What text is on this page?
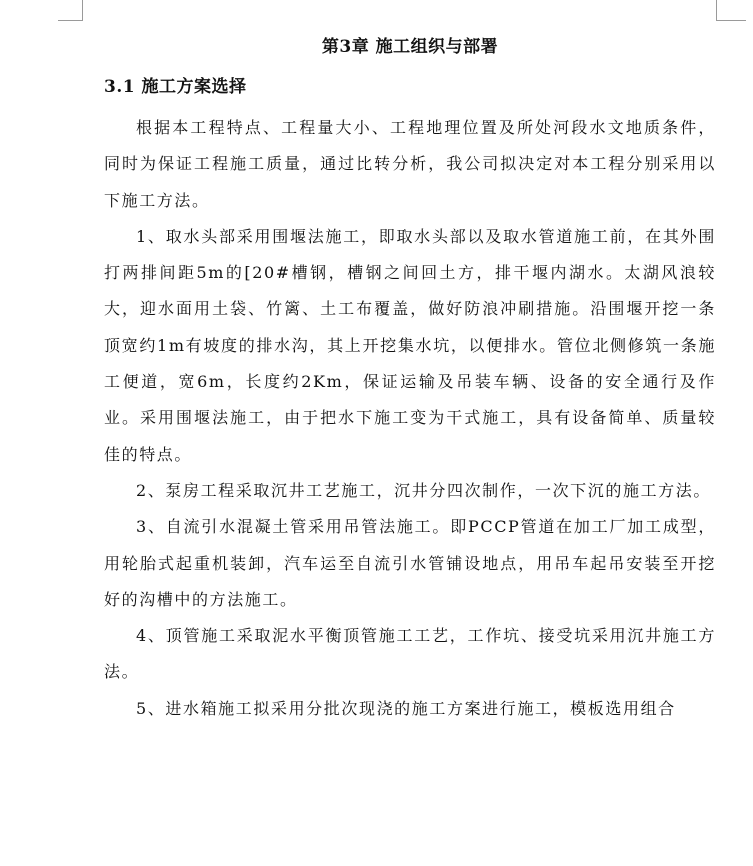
第3章 施工组织与部署
3.1 施工方案选择

根据本工程特点、工程量大小、工程地理位置及所处河段水文地质条件，同时为保证工程施工质量，通过比转分析，我公司拟决定对本工程分别采用以下施工方法。

1、取水头部采用围堰法施工，即取水头部以及取水管道施工前，在其外围打两排间距5m的[20#槽钢，槽钢之间回土方，排干堰内湖水。太湖风浪较大，迎水面用土袋、竹篱、土工布覆盖，做好防浪冲刷措施。沿围堰开挖一条顶宽约1m有坡度的排水沟，其上开挖集水坑，以便排水。管位北侧修筑一条施工便道，宽6m，长度约2Km，保证运输及吊装车辆、设备的安全通行及作业。采用围堰法施工，由于把水下施工变为干式施工，具有设备简单、质量较佳的特点。

2、泵房工程采取沉井工艺施工，沉井分四次制作，一次下沉的施工方法。

3、自流引水混凝土管采用吊管法施工。即PCCP管道在加工厂加工成型，用轮胎式起重机装卸，汽车运至自流引水管铺设地点，用吊车起吊安装至开挖好的沟槽中的方法施工。

4、顶管施工采取泥水平衡顶管施工工艺，工作坑、接受坑采用沉井施工方法。

5、进水箱施工拟采用分批次现浇的施工方案进行施工，模板选用组合
